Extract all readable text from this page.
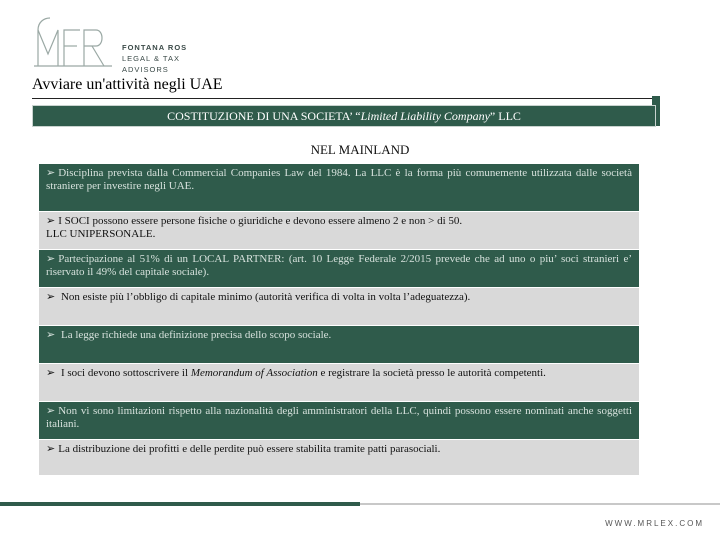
FONTANA ROS
LEGAL & TAX ADVISORS
Avviare un'attività negli UAE
COSTITUZIONE DI UNA SOCIETA’ “Limited Liability Company” LLC
NEL MAINLAND
➢ Disciplina prevista dalla Commercial Companies Law del 1984. La LLC è la forma più comunemente utilizzata dalle società straniere per investire negli UAE.
➢ I SOCI possono essere persone fisiche o giuridiche e devono essere almeno 2 e non > di 50.
LLC UNIPERSONALE.
➢ Partecipazione al 51% di un LOCAL PARTNER: (art. 10 Legge Federale 2/2015 prevede che ad uno o piu’ soci stranieri e’ riservato il 49% del capitale sociale).
➢ Non esiste più l’obbligo di capitale minimo (autorità verifica di volta in volta l’adeguatezza).
➢ La legge richiede una definizione precisa dello scopo sociale.
➢ I soci devono sottoscrivere il Memorandum of Association e registrare la società presso le autorità competenti.
➢ Non vi sono limitazioni rispetto alla nazionalità degli amministratori della LLC, quindi possono essere nominati anche soggetti italiani.
➢ La distribuzione dei profitti e delle perdite può essere stabilita tramite patti parasociali.
WWW.MRLEX.COM
